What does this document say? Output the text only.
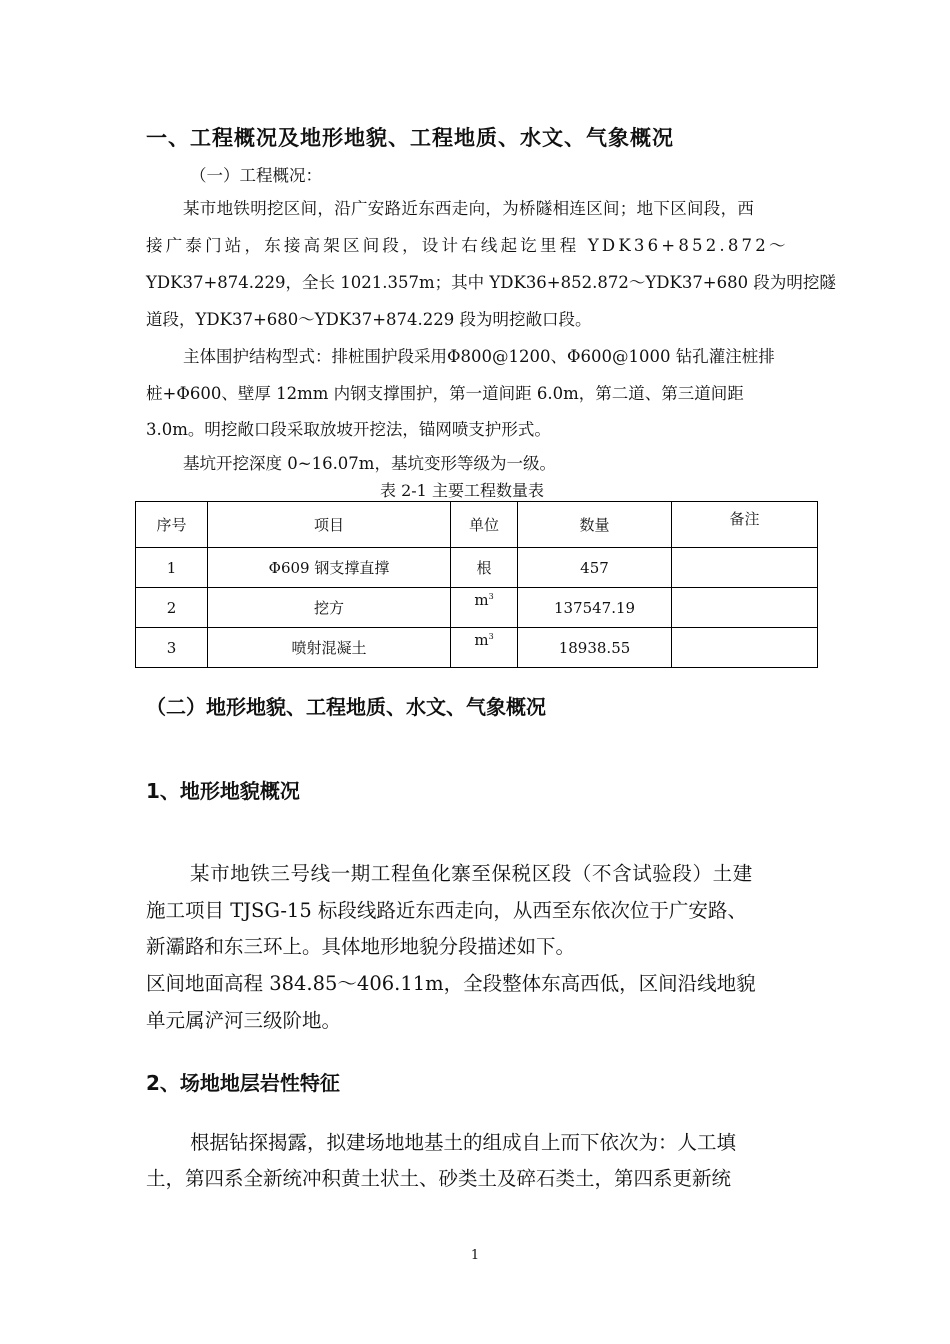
一、工程概况及地形地貌、工程地质、水文、气象概况
（一）工程概况：
某市地铁明挖区间，沿广安路近东西走向，为桥隧相连区间；地下区间段，西
接广泰门站，东接高架区间段，设计右线起讫里程 YDK36+852.872～
YDK37+874.229，全长 1021.357m；其中 YDK36+852.872～YDK37+680 段为明挖隧
道段，YDK37+680～YDK37+874.229 段为明挖敞口段。
主体围护结构型式：排桩围护段采用Φ800@1200、Φ600@1000 钻孔灌注桩排
桩+Φ600、壁厚 12mm 内钢支撑围护，第一道间距 6.0m，第二道、第三道间距
3.0m。明挖敞口段采取放坡开挖法，锚网喷支护形式。
基坑开挖深度 0~16.07m，基坑变形等级为一级。
表 2-1 主要工程数量表
序号	项目	单位	数量	备注
1	Φ609 钢支撑直撑	根	457	
2	挖方	$m^3$	137547.19	
3	喷射混凝土	$m^3$	18938.55	
（二）地形地貌、工程地质、水文、气象概况
1、地形地貌概况
某市地铁三号线一期工程鱼化寨至保税区段（不含试验段）土建
施工项目 TJSG-15 标段线路近东西走向，从西至东依次位于广安路、
新灞路和东三环上。具体地形地貌分段描述如下。
区间地面高程 384.85～406.11m，全段整体东高西低，区间沿线地貌
单元属浐河三级阶地。
2、场地地层岩性特征
根据钻探揭露，拟建场地地基土的组成自上而下依次为：人工填
土，第四系全新统冲积黄土状土、砂类土及碎石类土，第四系更新统
1
